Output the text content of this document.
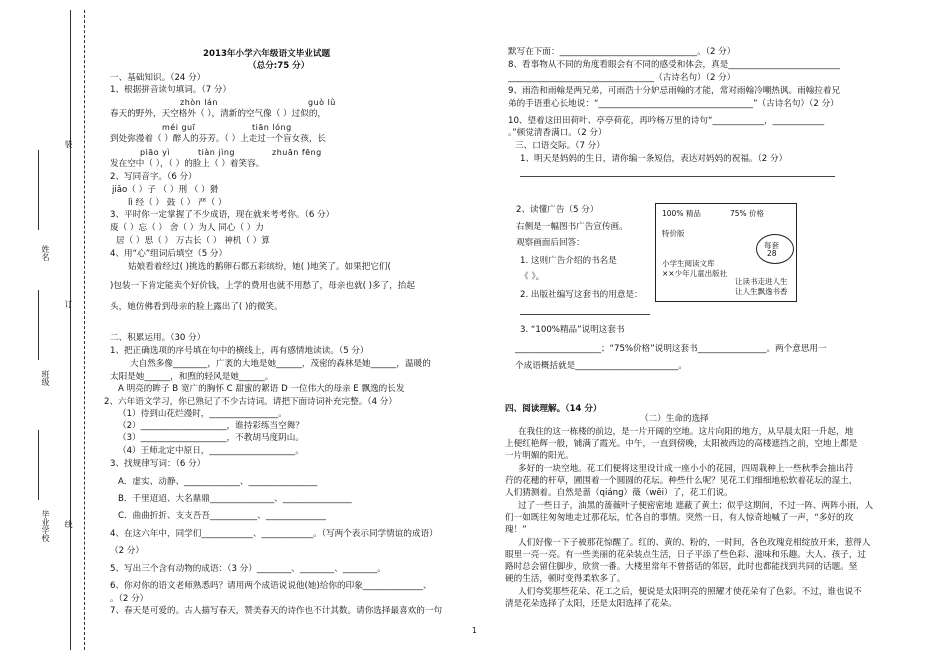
装
订
线
姓名
班级
毕业学校
2013年小学六年级语文毕业试题
（总分:75 分）
一、基础知识。（24 分）
1、根据拼音读句填词。（7 分）
zhòn lán	guò lǜ
春天的野外，天空格外（ ），清新的空气像（ ）过似的，
méi guī	tiān lóng
到处弥漫着（ ）醉人的芬芳。（ ）上走过一个盲女孩，长
piāo yì	tiàn jìng	zhuān fēng
发在空中（ ），（ ）的脸上（ ）着笑容。
2、写同音字。（6 分）
jiǎo（ ）子 （ ）刑 （ ）猾
lì 经（ ） 鼓（ ） 严（ ）
3、平时你一定掌握了不少成语，现在就来考考你。（6 分）
废（ ）忘（ ） 舍（ ）为人 同心（ ）力
居（ ）思（ ） 万古长（ ） 神机（ ）算
4、用“心”组词后填空（5 分）
姑娘看着经过( )挑选的鹅卵石都五彩缤纷，她( )地笑了。如果把它们(
)包装一下肯定能卖个好价钱，上学的费用也就不用愁了，母亲也就( )多了，抬起
头，她仿佛看到母亲的脸上露出了( )的微笑。
二、积累运用。（30 分）
1、把正确选项的序号填在句中的横线上，再有感情地读读。（5 分）
大自然多像________，广袤的大地是她______，茂密的森林是她______，温暖的
太阳是她______，和煦的轻风是她______。
A 明亮的眸子 B 宽广的胸怀 C 甜蜜的絮语 D 一位伟大的母亲 E 飘逸的长发
2、六年语文学习，你已熟记了不少古诗词。请把下面诗词补充完整。（4 分）
（1）待到山花烂漫时，________________。
（2）____________________，谁持彩练当空舞？
（3）____________________，不教胡马度阴山。
（4）王师北定中原日，____________________。
3、找规律写词：（6 分）
A．虚实、动静、_____________、________________
B．千里迢迢、大名鼎鼎_______________、________________
C．曲曲折折、支支吾吾___________、______________
4、在这六年中，同学们____________、____________。（写两个表示同学情谊的成语）
（2 分）
5、写出三个含有动物的成语：（3 分）________、________、________。
6、你对你的语文老师熟悉吗？请用两个成语说说他(她)给你的印象______________、
。（2 分）
7、春天是可爱的。古人描写春天，赞美春天的诗作也不计其数。请你选择最喜欢的一句
默写在下面：________________________________。（2 分）
8、看事物从不同的角度看眼会有不同的感受和体会，真是__________________________
__________________________________（古诗名句）（2 分）
9、雨浩和雨翰是两兄弟，可雨浩十分妒忌雨翰的才能，常对雨翰冷嘲热讽。雨翰拉着兄
弟的手语重心长地说：“____________________________________”（古诗名句）（2 分）
10、望着这田田荷叶、亭亭荷花，再吟杨万里的诗句“____________，____________
。”顿觉清香满口。（2 分）
三、口语交际。（7 分）
1、明天是妈妈的生日，请你编一条短信，表达对妈妈的祝福。（2 分）
2、读懂广告（5 分）
右侧是一幅图书广告宣传画。
观察画面后回答：
1. 这则广告介绍的书名是
《 》。
2. 出版社编写这套书的用意是：
3. “100%精品”说明这套书
____________________；“75%价格”说明这套书________________。两个意思用一
个成语概括就是________________________。
100% 精品	75% 价格
特价版
每套
28
小学生阅读文库
××少年儿童出版社
让读书走进人生
让人生飘逸书香
四、阅读理解。（14 分）
（二）生命的选择
在我住的这一栋楼的前边，是一片开阔的空地。这片向阳的地方，从早晨太阳一升起，地
上便红艳辉一般，铺满了霞光。中午，一直到傍晚，太阳被西边的高楼遮挡之前，空地上都是
一片明媚的阳光。
多好的一块空地。花工们便将这里设计成一座小小的花园，四周栽种上一些秋季会抽出荇
荇的花穗的杆草，圃围着一个圆圆的花坛。种些什么呢？见花工们细细地松软着花坛的湿土，
人们猜测着。自然是蔷（qiáng）薇（wēi）了，花工们说。
过了一些日子，油黑的蔷薇叶子便密密地 遮蔽了黄土；似乎这期间，不过一阵、两阵小雨，人
们一如既往匆匆地走过那花坛，忙各自的事情。突然一日，有人惊奇地喊了一声，“多好的玫
瑰！”
人们好像一下子被那花惊醒了。红的、黄的、粉的，一时间，各色玫瑰竞相绽放开来，惹得人
眼里一亮一亮。有一些美丽的花朵装点生活，日子平添了些色彩、滋味和乐趣。大人、孩子，过
路时总会留住脚步，欣赏一番。大楼里常年不曾搭话的邻居，此时也都能找到共同的话题。坚
硬的生活，顿时变得柔软多了。
人们夸奖那些花朵、花工之后，便说是太阳明亮的照耀才使花朵有了色彩。不过，谁也说不
清是花朵选择了太阳，还是太阳选择了花朵。
1
